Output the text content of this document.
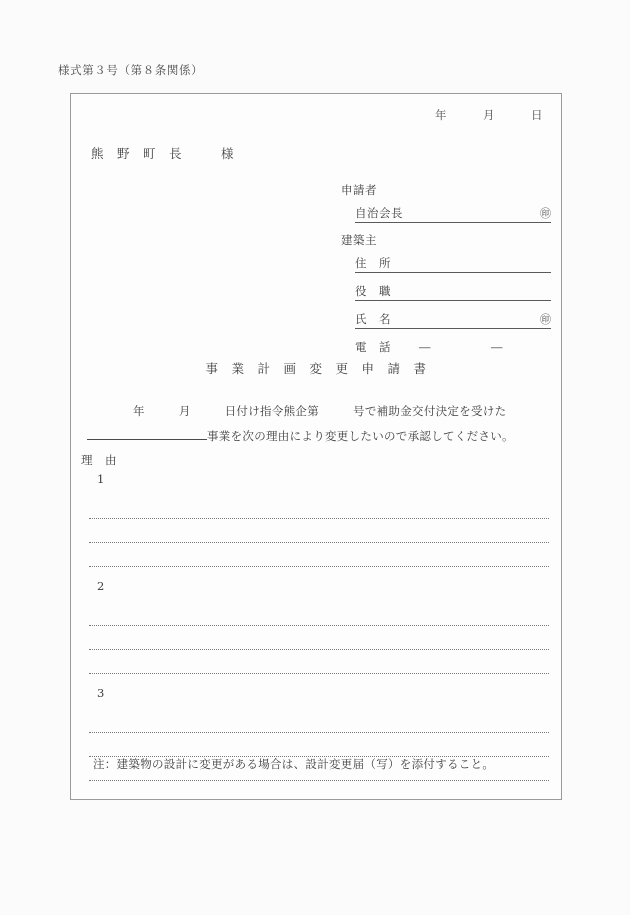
様式第３号（第８条関係）
年　　　月　　　日
熊　野　町　長　　　様
申請者
自治会長	㊞
建築主
住　所
役　職
氏　名	㊞
電　話	―　　　　　―
事　業　計　画　変　更　申　請　書
年	月	日付け指令熊企第	号で補助金交付決定を受けた事業を次の理由により変更したいので承認してください。
理　由
1
2
3
注：建築物の設計に変更がある場合は、設計変更届（写）を添付すること。
